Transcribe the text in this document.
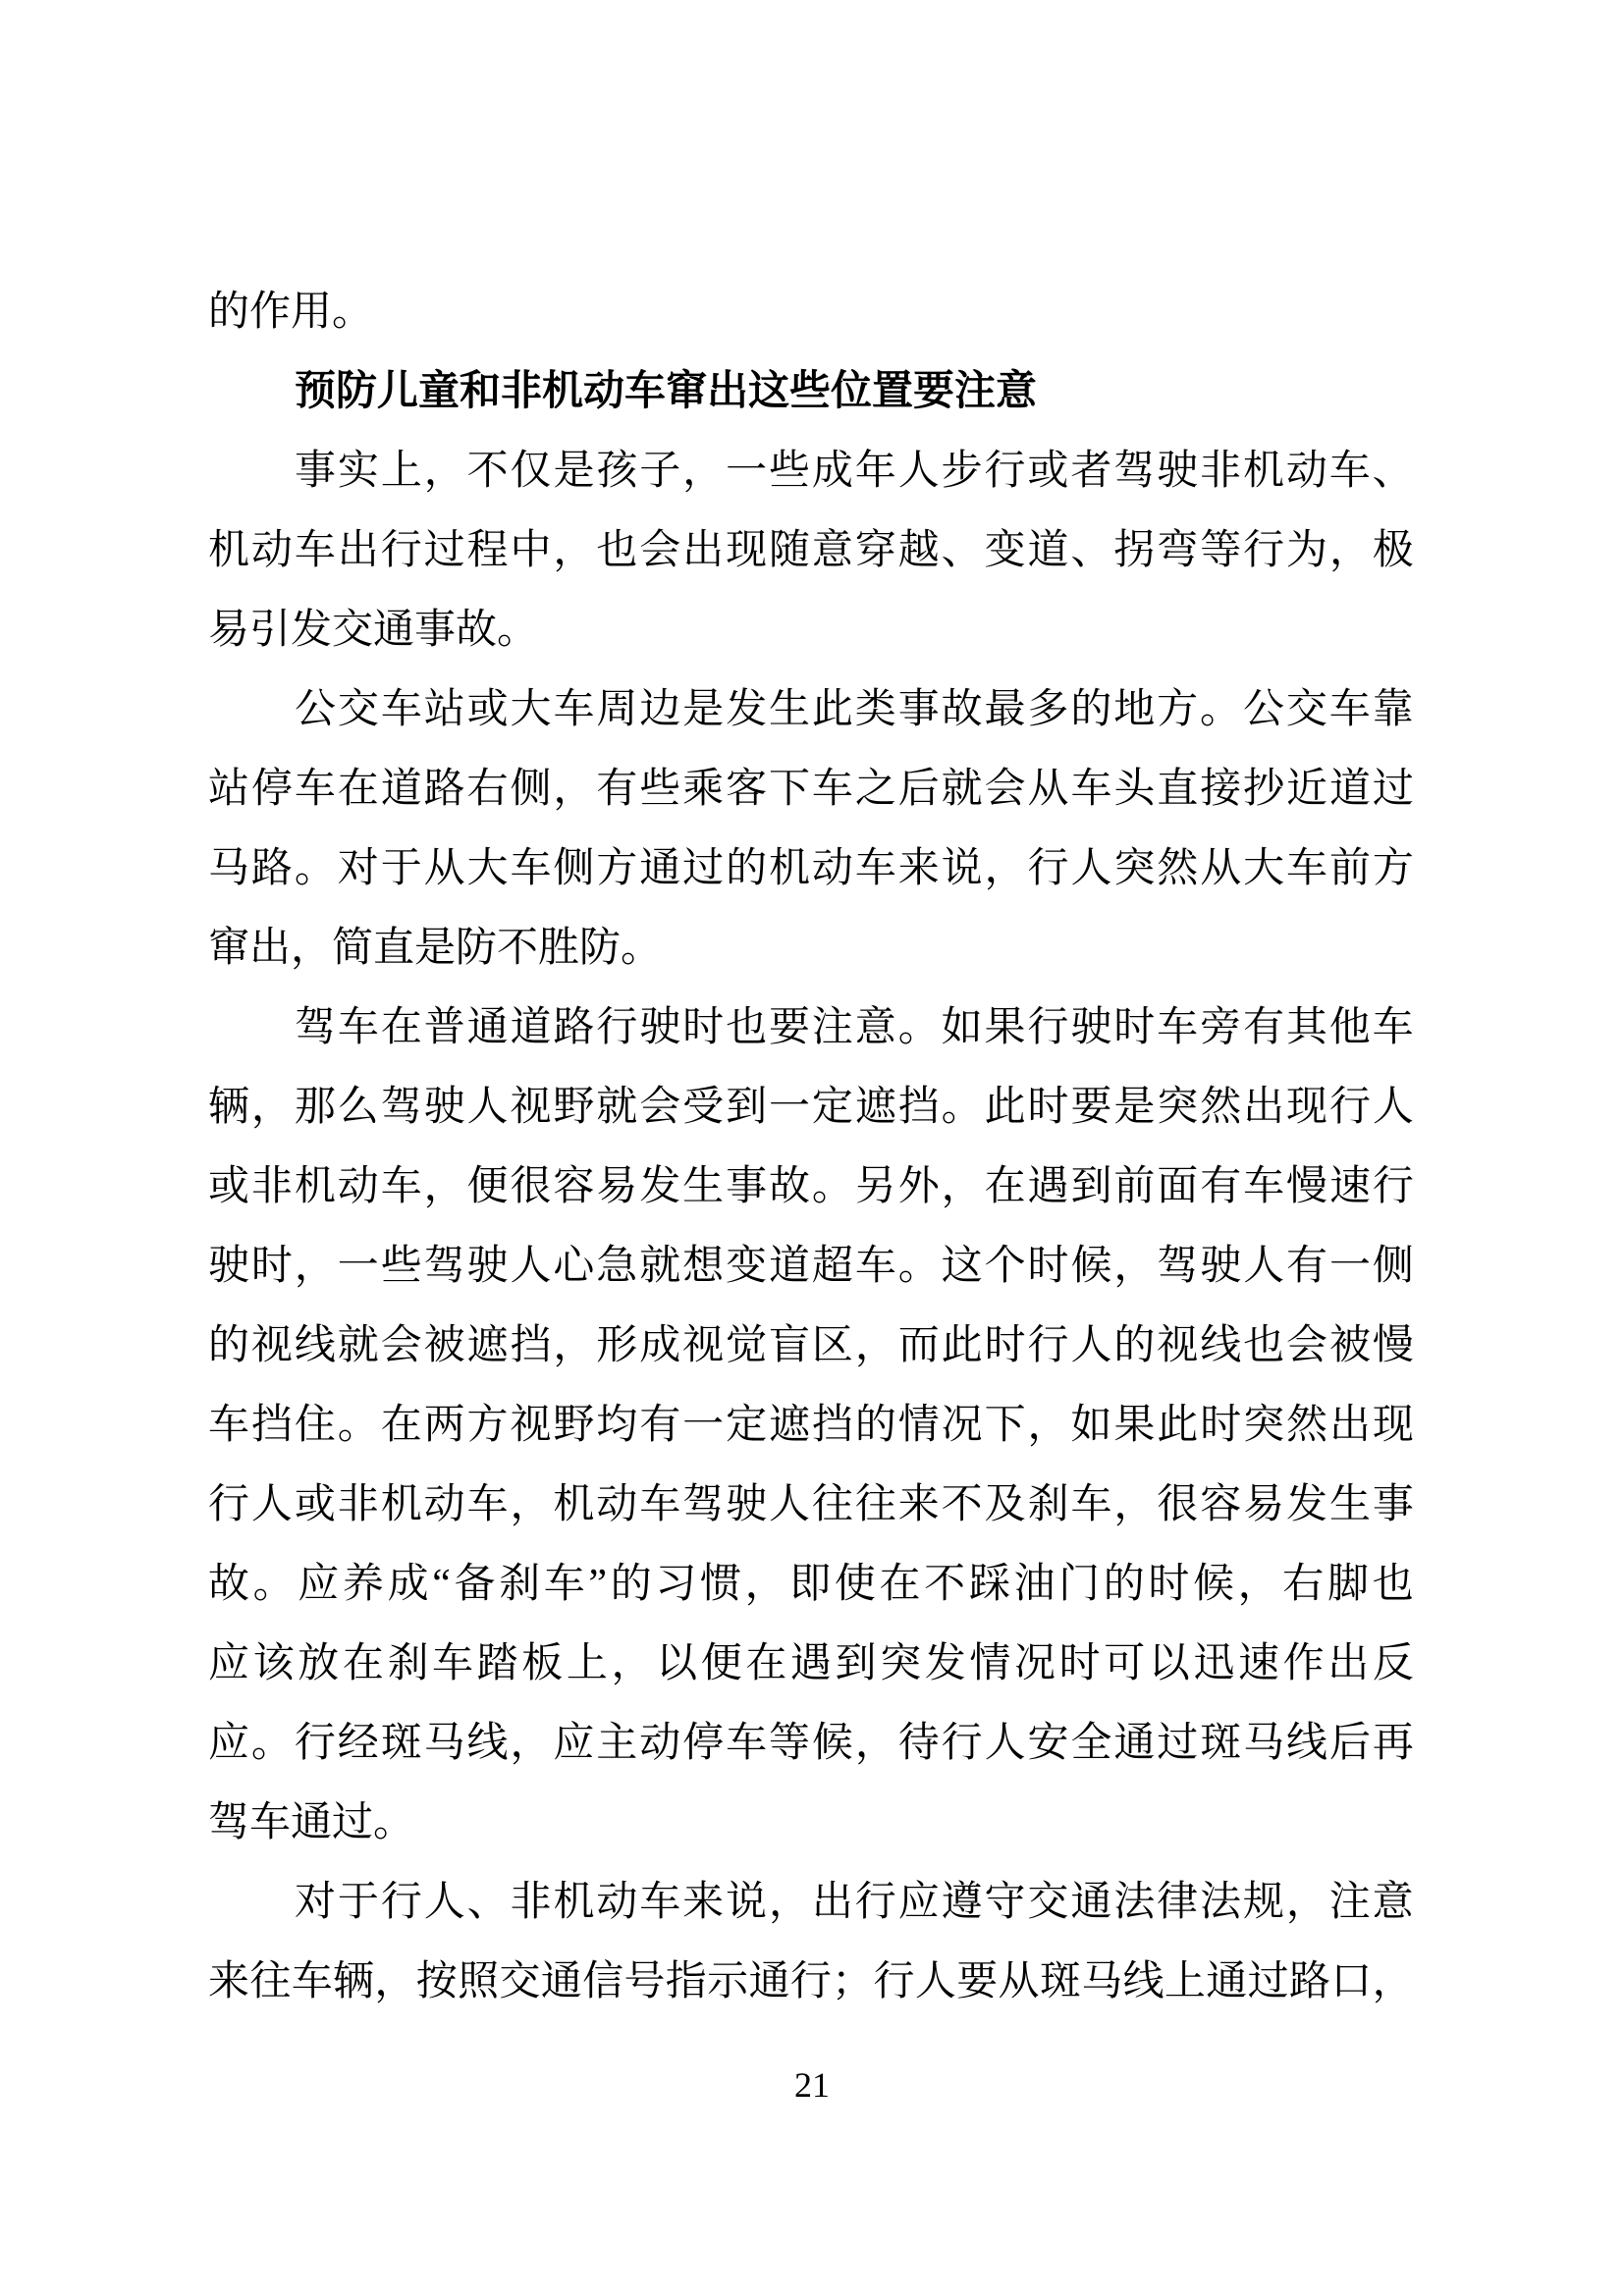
的作用。
预防儿童和非机动车窜出这些位置要注意
事 实 上 ， 不 仅 是 孩 子 ， 一 些 成 年 人 步 行 或 者 驾 驶 非 机 动 车 、
机 动 车 出 行 过 程 中 ， 也 会 出 现 随 意 穿 越 、 变 道 、 拐 弯 等 行 为 ， 极
易引发交通事故。
公 交 车 站 或 大 车 周 边 是 发 生 此 类 事 故 最 多 的 地 方 。 公 交 车 靠
站 停 车 在 道 路 右 侧 ， 有 些 乘 客 下 车 之 后 就 会 从 车 头 直 接 抄 近 道 过
马 路 。 对 于 从 大 车 侧 方 通 过 的 机 动 车 来 说 ， 行 人 突 然 从 大 车 前 方
窜出，简直是防不胜防。
驾 车 在 普 通 道 路 行 驶 时 也 要 注 意 。 如 果 行 驶 时 车 旁 有 其 他 车
辆 ， 那 么 驾 驶 人 视 野 就 会 受 到 一 定 遮 挡 。 此 时 要 是 突 然 出 现 行 人
或 非 机 动 车 ， 便 很 容 易 发 生 事 故 。 另 外 ， 在 遇 到 前 面 有 车 慢 速 行
驶 时 ， 一 些 驾 驶 人 心 急 就 想 变 道 超 车 。 这 个 时 候 ， 驾 驶 人 有 一 侧
的 视 线 就 会 被 遮 挡 ， 形 成 视 觉 盲 区 ， 而 此 时 行 人 的 视 线 也 会 被 慢
车 挡 住 。 在 两 方 视 野 均 有 一 定 遮 挡 的 情 况 下 ， 如 果 此 时 突 然 出 现
行 人 或 非 机 动 车 ， 机 动 车 驾 驶 人 往 往 来 不 及 刹 车 ， 很 容 易 发 生 事
故 。 应 养 成 “ 备 刹 车 ” 的 习 惯 ， 即 使 在 不 踩 油 门 的 时 候 ， 右 脚 也
应 该 放 在 刹 车 踏 板 上 ， 以 便 在 遇 到 突 发 情 况 时 可 以 迅 速 作 出 反
应 。 行 经 斑 马 线 ， 应 主 动 停 车 等 候 ， 待 行 人 安 全 通 过 斑 马 线 后 再
驾车通过。
对 于 行 人 、 非 机 动 车 来 说 ， 出 行 应 遵 守 交 通 法 律 法 规 ， 注 意
来 往 车 辆 ， 按 照 交 通 信 号 指 示 通 行 ； 行 人 要 从 斑 马 线 上 通 过 路 口 ，
21
